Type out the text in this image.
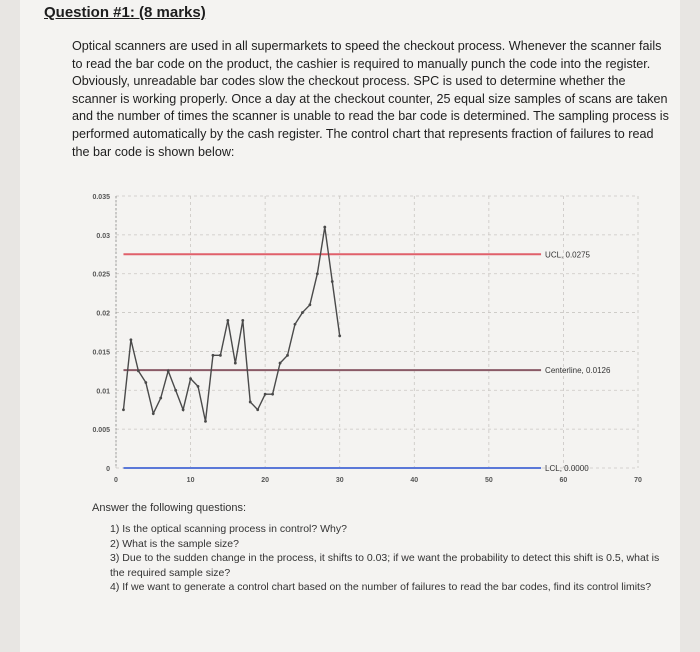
Question #1: (8 marks)
Optical scanners are used in all supermarkets to speed the checkout process. Whenever the scanner fails to read the bar code on the product, the cashier is required to manually punch the code into the register. Obviously, unreadable bar codes slow the checkout process. SPC is used to determine whether the scanner is working properly. Once a day at the checkout counter, 25 equal size samples of scans are taken and the number of times the scanner is unable to read the bar code is determined. The sampling process is performed automatically by the cash register. The control chart that represents fraction of failures to read the bar code is shown below:
0
0.005
0.01
0.015
0.02
0.025
0.03
0.035
0	10	20	30	40	50	60	70
UCL, 0.0275
Centerline, 0.0126
LCL, 0.0000
Answer the following questions:
1) Is the optical scanning process in control? Why?
2) What is the sample size?
3) Due to the sudden change in the process, it shifts to 0.03; if we want the probability to detect this shift is 0.5, what is the required sample size?
4) If we want to generate a control chart based on the number of failures to read the bar codes, find its control limits?
